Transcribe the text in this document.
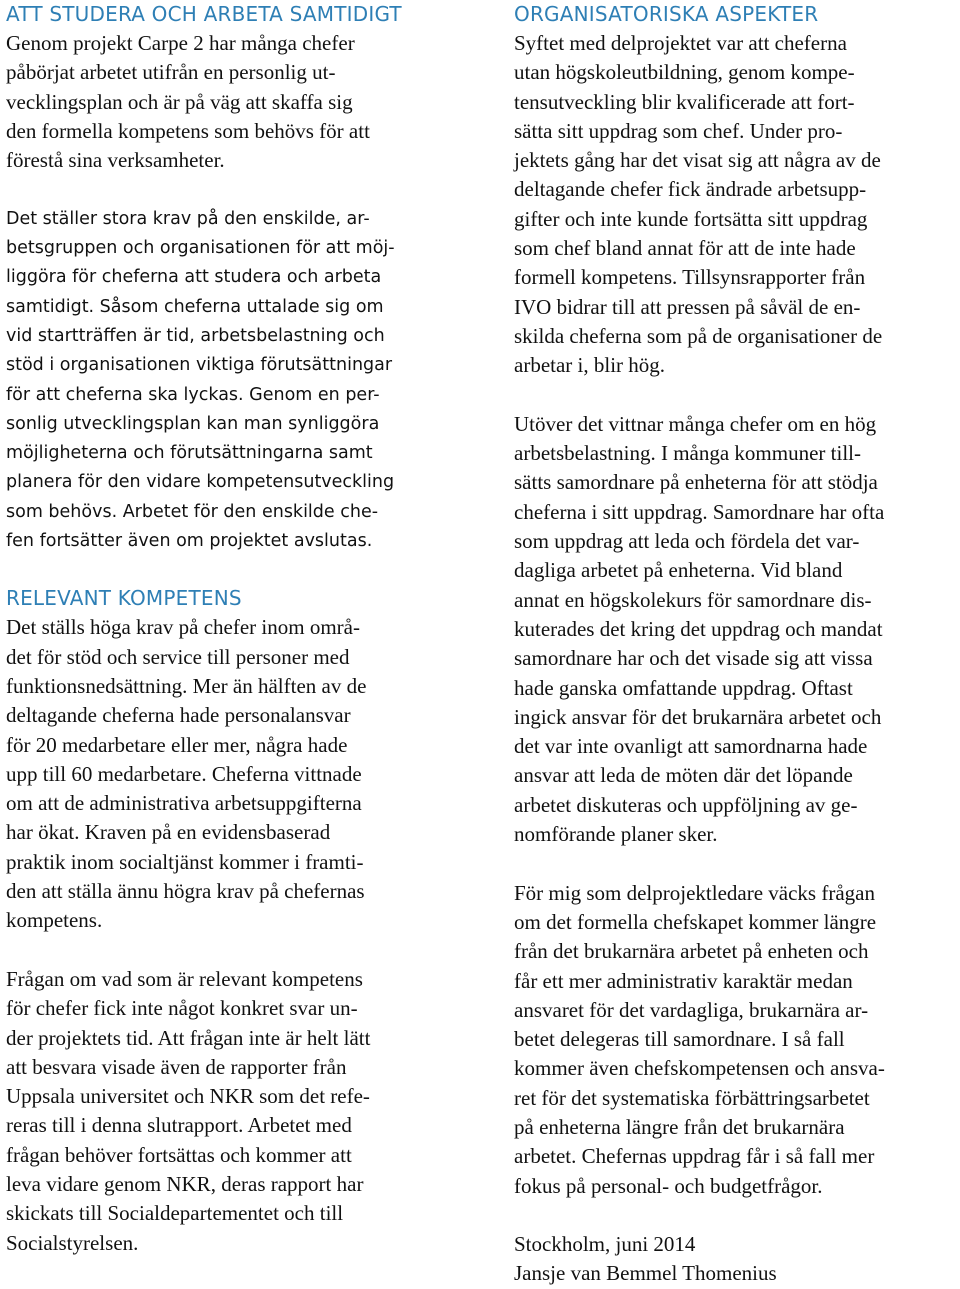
ATT STUDERA OCH ARBETA SAMTIDIGT
Genom projekt Carpe 2 har många chefer
påbörjat arbetet utifrån en personlig ut-
vecklingsplan och är på väg att skaffa sig
den formella kompetens som behövs för att
förestå sina verksamheter.
Det ställer stora krav på den enskilde, ar-
betsgruppen och organisationen för att möj-
liggöra för cheferna att studera och arbeta
samtidigt. Såsom cheferna uttalade sig om
vid startträffen är tid, arbetsbelastning och
stöd i organisationen viktiga förutsättningar
för att cheferna ska lyckas. Genom en per-
sonlig utvecklingsplan kan man synliggöra
möjligheterna och förutsättningarna samt
planera för den vidare kompetensutveckling
som behövs. Arbetet för den enskilde che-
fen fortsätter även om projektet avslutas.
RELEVANT KOMPETENS
Det ställs höga krav på chefer inom områ-
det för stöd och service till personer med
funktionsnedsättning. Mer än hälften av de
deltagande cheferna hade personalansvar
för 20 medarbetare eller mer, några hade
upp till 60 medarbetare. Cheferna vittnade
om att de administrativa arbetsuppgifterna
har ökat. Kraven på en evidensbaserad
praktik inom socialtjänst kommer i framti-
den att ställa ännu högra krav på chefernas
kompetens.
Frågan om vad som är relevant kompetens
för chefer fick inte något konkret svar un-
der projektets tid. Att frågan inte är helt lätt
att besvara visade även de rapporter från
Uppsala universitet och NKR som det refe-
reras till i denna slutrapport. Arbetet med
frågan behöver fortsättas och kommer att
leva vidare genom NKR, deras rapport har
skickats till Socialdepartementet och till
Socialstyrelsen.
ORGANISATORISKA ASPEKTER
Syftet med delprojektet var att cheferna
utan högskoleutbildning, genom kompe-
tensutveckling blir kvalificerade att fort-
sätta sitt uppdrag som chef. Under pro-
jektets gång har det visat sig att några av de
deltagande chefer fick ändrade arbetsupp-
gifter och inte kunde fortsätta sitt uppdrag
som chef bland annat för att de inte hade
formell kompetens. Tillsynsrapporter från
IVO bidrar till att pressen på såväl de en-
skilda cheferna som på de organisationer de
arbetar i, blir hög.
Utöver det vittnar många chefer om en hög
arbetsbelastning. I många kommuner till-
sätts samordnare på enheterna för att stödja
cheferna i sitt uppdrag. Samordnare har ofta
som uppdrag att leda och fördela det var-
dagliga arbetet på enheterna. Vid bland
annat en högskolekurs för samordnare dis-
kuterades det kring det uppdrag och mandat
samordnare har och det visade sig att vissa
hade ganska omfattande uppdrag. Oftast
ingick ansvar för det brukarnära arbetet och
det var inte ovanligt att samordnarna hade
ansvar att leda de möten där det löpande
arbetet diskuteras och uppföljning av ge-
nomförande planer sker.
För mig som delprojektledare väcks frågan
om det formella chefskapet kommer längre
från det brukarnära arbetet på enheten och
får ett mer administrativ karaktär medan
ansvaret för det vardagliga, brukarnära ar-
betet delegeras till samordnare. I så fall
kommer även chefskompetensen och ansva-
ret för det systematiska förbättringsarbetet
på enheterna längre från det brukarnära
arbetet. Chefernas uppdrag får i så fall mer
fokus på personal- och budgetfrågor.
Stockholm, juni 2014
Jansje van Bemmel Thomenius
